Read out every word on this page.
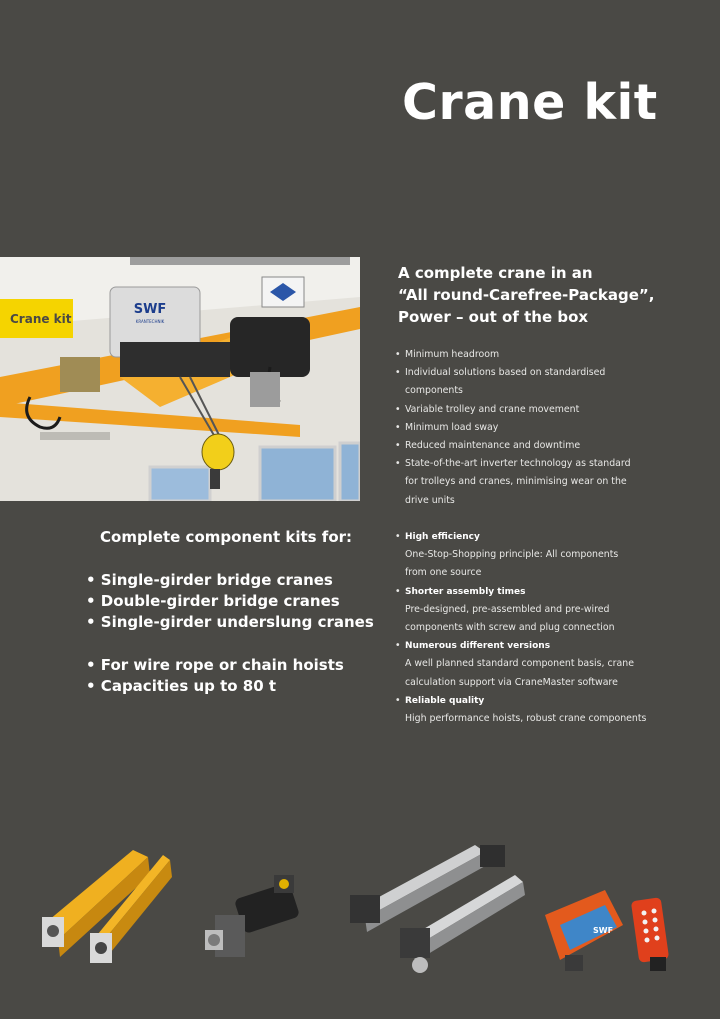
Crane kit
SWF
KRANTECHNIK
Crane kit
A complete crane in an
“All round-Carefree-Package”,
Power – out of the box
• Minimum headroom
• Individual solutions based on standardised
components
• Variable trolley and crane movement
• Minimum load sway
• Reduced maintenance and downtime
• State-of-the-art inverter technology as standard
for trolleys and cranes, minimising wear on the
drive units
• High efficiency
One-Stop-Shopping principle: All components
from one source
• Shorter assembly times
Pre-designed, pre-assembled and pre-wired
components with screw and plug connection
• Numerous different versions
A well planned standard component basis, crane
calculation support via CraneMaster software
• Reliable quality
High performance hoists, robust crane components
Complete component kits for:
• Single-girder bridge cranes
• Double-girder bridge cranes
• Single-girder underslung cranes
• For wire rope or chain hoists
• Capacities up to 80 t
SWF
